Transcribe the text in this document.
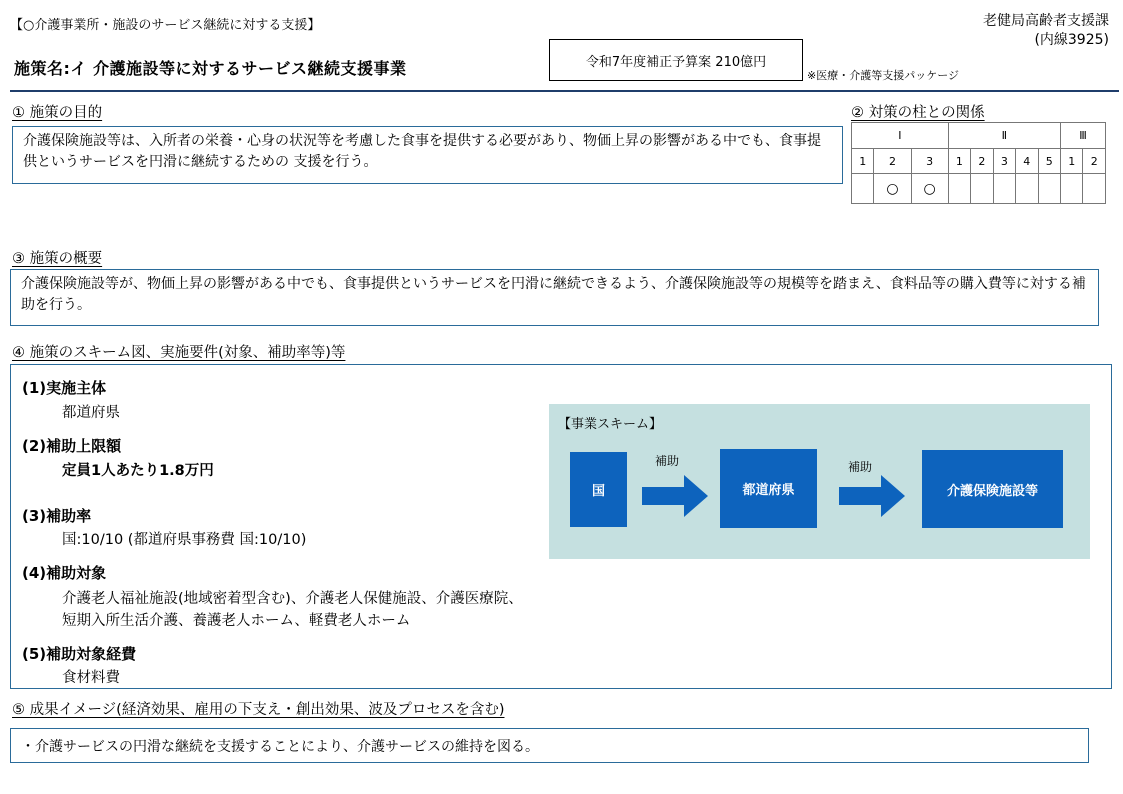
【○介護事業所・施設のサービス継続に対する支援】	老健局高齢者支援課
(内線3925)
施策名:イ 介護施設等に対するサービス継続支援事業	令和7年度補正予算案 210億円
※医療・介護等支援パッケージ
① 施策の目的
介護保険施設等は、入所者の栄養・心身の状況等を考慮した食事を提供する必要があり、物価上昇の影響がある中でも、食事提供というサービスを円滑に継続するための 支援を行う。
② 対策の柱との関係
Ⅰ			Ⅱ					Ⅲ	
1	2	3	1	2	3	4	5	1	2
	○	○							
③ 施策の概要
介護保険施設等が、物価上昇の影響がある中でも、食事提供というサービスを円滑に継続できるよう、介護保険施設等の規模等を踏まえ、食料品等の購入費等に対する補助を行う。
④ 施策のスキーム図、実施要件(対象、補助率等)等
(1)実施主体
都道府県
(2)補助上限額
定員1人あたり1.8万円
(3)補助率
国:10/10 (都道府県事務費 国:10/10)
(4)補助対象
介護老人福祉施設(地域密着型含む)、介護老人保健施設、介護医療院、
短期入所生活介護、養護老人ホーム、軽費老人ホーム
(5)補助対象経費
食材料費
【事業スキーム】
国
補助
都道府県
補助
介護保険施設等
⑤ 成果イメージ(経済効果、雇用の下支え・創出効果、波及プロセスを含む)
・介護サービスの円滑な継続を支援することにより、介護サービスの維持を図る。
